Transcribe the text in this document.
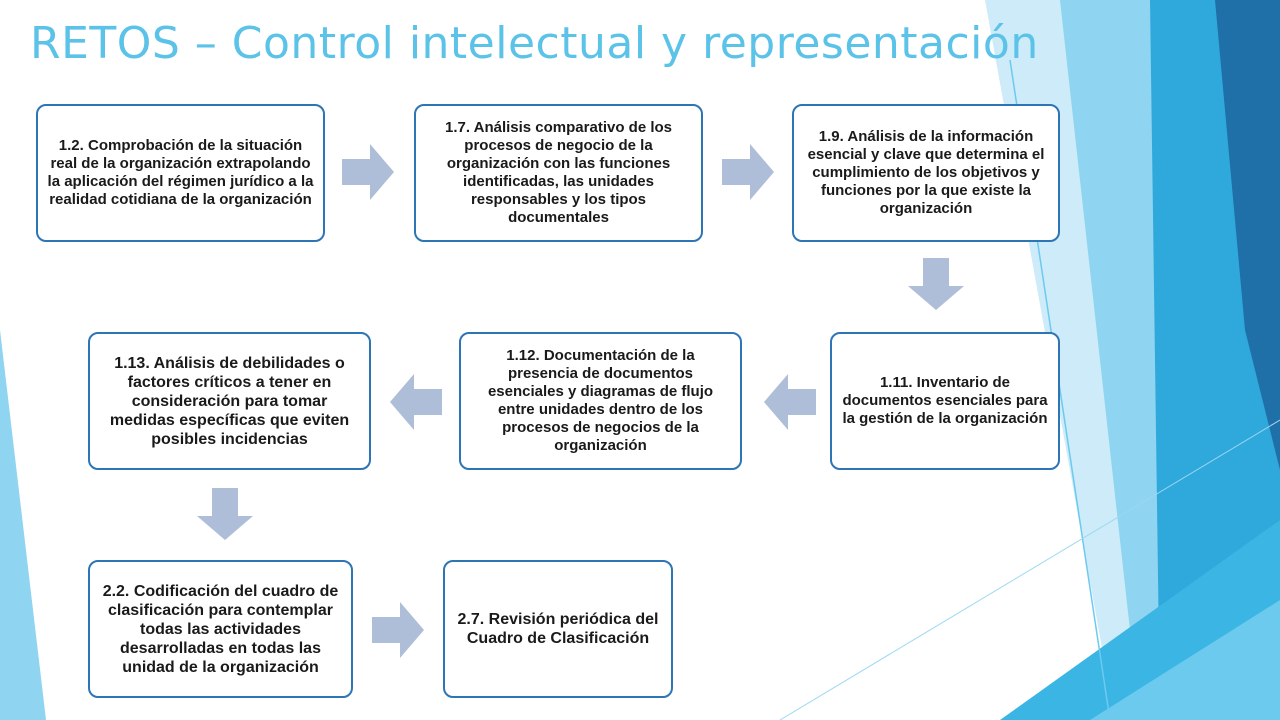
RETOS – Control intelectual y representación
1.2. Comprobación de la situación real de la organización extrapolando la aplicación del régimen jurídico a la realidad cotidiana de la organización
1.7. Análisis comparativo de los procesos de negocio de la organización con las funciones identificadas, las unidades responsables y los tipos documentales
1.9. Análisis de la información esencial y clave que determina el cumplimiento de los objetivos y funciones por la que existe la organización
1.11. Inventario de documentos esenciales para la gestión de la organización
1.12. Documentación de la presencia de documentos esenciales y diagramas de flujo entre unidades dentro de los procesos de negocios de la organización
1.13. Análisis de debilidades o factores críticos a tener en consideración para tomar medidas específicas que eviten posibles incidencias
2.2. Codificación del cuadro de clasificación para contemplar todas las actividades desarrolladas en todas las unidad de la organización
2.7. Revisión periódica del Cuadro de Clasificación
